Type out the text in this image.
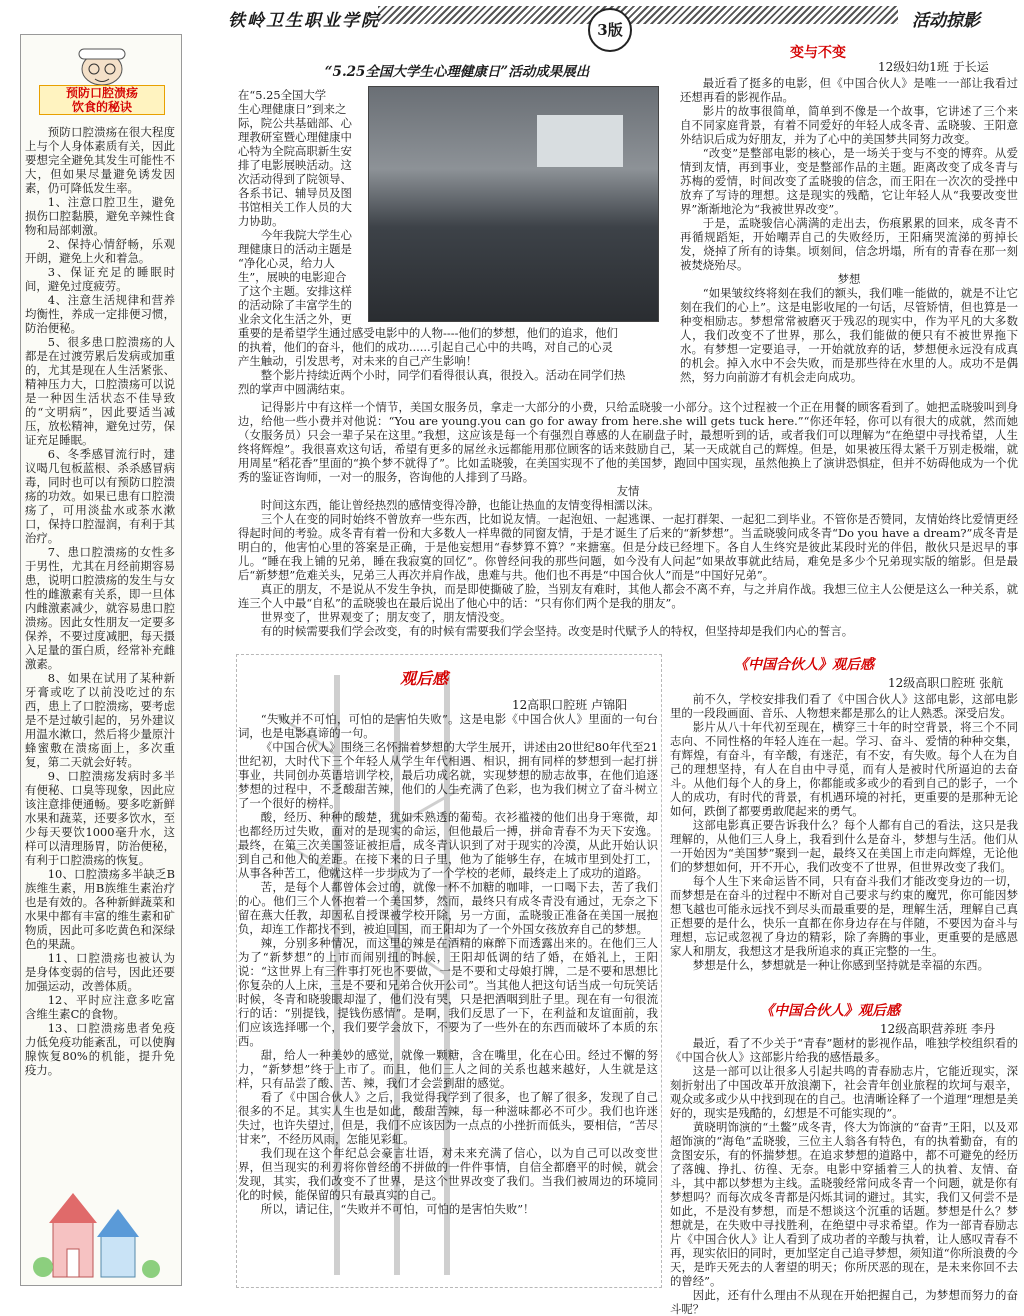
铁岭卫生职业学院	3版	活动掠影
预防口腔溃疡
饮食的秘诀

预防口腔溃疡在很大程度上与个人身体素质有关，因此要想完全避免其发生可能性不大，但如果尽量避免诱发因素，仍可降低发生率。

1、注意口腔卫生，避免损伤口腔黏膜，避免辛辣性食物和局部刺激。

2、保持心情舒畅，乐观开朗，避免上火和着急。

3、保证充足的睡眠时间，避免过度疲劳。

4、注意生活规律和营养均衡性，养成一定排便习惯，防治便秘。

5、很多患口腔溃疡的人都是在过渡劳累后发病或加重的，尤其是现在人生活紧张、精神压力大，口腔溃疡可以说是一种因生活状态不佳导致的“文明病”，因此要适当减压，放松精神，避免过劳，保证充足睡眠。

6、冬季感冒流行时，建议喝几包板蓝根、杀杀感冒病毒，同时也可以有预防口腔溃疡的功效。如果已患有口腔溃疡了，可用淡盐水或茶水漱口，保持口腔湿润，有利于其治疗。

7、患口腔溃疡的女性多于男性，尤其在月经前期容易患，说明口腔溃疡的发生与女性的雌激素有关系，即一旦体内雌激素减少，就容易患口腔溃疡。因此女性朋友一定要多保养，不要过度减肥，每天摄入足量的蛋白质，经常补充雌激素。

8、如果在试用了某种新牙膏或吃了以前没吃过的东西，患上了口腔溃疡，要考虑是不是过敏引起的，另外建议用温水漱口，然后将少量原汁蜂蜜敷在溃疡面上，多次重复，第二天就会好转。

9、口腔溃疡发病时多半有便秘、口臭等现象，因此应该注意排便通畅。要多吃新鲜水果和蔬菜，还要多饮水，至少每天要饮1000毫升水，这样可以清理肠胃，防治便秘，有利于口腔溃疡的恢复。

10、口腔溃疡多半缺乏B族维生素，用B族维生素治疗也是有效的。各种新鲜蔬菜和水果中都有丰富的维生素和矿物质，因此可多吃黄色和深绿色的果蔬。

11、口腔溃疡也被认为是身体变弱的信号，因此还要加强运动，改善体质。

12、平时应注意多吃富含维生素C的食物。

13、口腔溃疡患者免疫力低免疫功能紊乱，可以使胸腺恢复80%的机能，提升免疫力。

“5.25全国大学生心理健康日”活动成果展出
在“5.25全国大学
生心理健康日”到来之
际，院公共基础部、心
理教研室暨心理健康中
心特为全院高职新生安
排了电影展映活动。这
次活动得到了院领导、
各系书记、辅导员及图
书馆相关工作人员的大
力协助。
　　今年我院大学生心
理健康日的活动主题是
“净化心灵，给力人
生”，展映的电影迎合
了这个主题。安排这样
的活动除了丰富学生的
业余文化生活之外，更
重要的是希望学生通过感受电影中的人物----他们的梦想，他们的追求，他们
的执着，他们的奋斗，他们的成功......引起自己心中的共鸣，对自己的心灵
产生触动，引发思考，对未来的自己产生影响！
　　整个影片持续近两个小时，同学们看得很认真，很投入。活动在同学们热
烈的掌声中圆满结束。
变与不变
12级妇幼1班 于长运

最近看了挺多的电影，但《中国合伙人》是唯一一部让我看过还想再看的影视作品。

影片的故事很简单，简单到不像是一个故事，它讲述了三个来自不同家庭背景，有着不同爱好的年轻人成冬青、孟晓骏、王阳意外结识后成为好朋友，并为了心中的美国梦共同努力改变。

“改变”是整部电影的核心，是一场关于变与不变的博弈。从爱情到友情，再到事业，变是整部作品的主题。距离改变了成冬青与苏梅的爱情，时间改变了孟晓骏的信念，而王阳在一次次的受挫中放弃了写诗的理想。这是现实的残酷，它让年轻人从“我要改变世界”渐渐地沦为“我被世界改变”。

于是，孟晓骏信心满满的走出去，伤痕累累的回来，成冬青不再循规蹈矩，开始嘲弄自己的失败经历，王阳痛哭流涕的剪掉长发，烧掉了所有的诗集。顷刻间，信念坍塌，所有的青春在那一刻被焚烧殆尽。

梦想

“如果皱纹终将刻在我们的额头，我们唯一能做的，就是不让它刻在我们的心上”。这是电影收尾的一句话，尽管矫情，但也算是一种变相励志。梦想常常被磨灭于残忍的现实中，作为平凡的大多数人，我们改变不了世界，那么，我们能做的便只有不被世界拖下水。有梦想一定要追寻，一开始就放弃的话，梦想便永远没有成真的机会。掉入水中不会失败，而是那些待在水里的人。成功不是偶然，努力向前游才有机会走向成功。

记得影片中有这样一个情节，美国女服务员，拿走一大部分的小费，只给孟晓骏一小部分。这个过程被一个正在用餐的顾客看到了。她把孟晓骏叫到身边，给他一些小费并对他说：“You are young.you can go for away from here.she will gets tuck here.”“你还年轻，你可以有很大的成就，然而她（女服务员）只会一辈子呆在这里。”我想，这应该是每一个有强烈自尊感的人在刷盘子时，最想听到的话，或者我们可以理解为“在绝望中寻找希望，人生终将辉煌”。我很喜欢这句话，希望有更多的屌丝永远都能用那位顾客的话来鼓励自己，某一天成就自己的辉煌。但是，如果被压得太紧千万别走极端，就用周星“稻花香”里面的“换个梦不就得了”。比如孟晓骏，在美国实现不了他的美国梦，跑回中国实现，虽然他换上了演讲恐惧症，但并不妨碍他成为一个优秀的鉴证咨询师，一对一的服务，咨询他的人排到了马路。

友情

时间这东西，能让曾经热烈的感情变得冷静，也能让热血的友情变得相濡以沫。

三个人在变的同时始终不曾放弃一些东西，比如说友情。一起泡妞、一起逃课、一起打群架、一起犯二到毕业。不管你是否赞同，友情始终比爱情更经得起时间的考验。成冬青有着一份和大多数人一样卑微的同窗友情，于是才诞生了后来的“新梦想”。当孟晓骏问成冬青“Do you have a dream?”成冬青是明白的，他害怕心里的答案是正确，于是他妄想用“春梦算不算？”来搪塞。但是分歧已经埋下。各自人生终究是彼此某段时光的伴侣，散伙只是迟早的事儿。“睡在我上铺的兄弟，睡在我寂寞的回忆”。你曾经问我的那些问题，如今没有人问起”如果故事就此结局，难免是多少个兄弟现实版的缩影。但是最后“新梦想”危难关头，兄弟三人再次并肩作战，患难与共。他们也不再是“中国合伙人”而是“中国好兄弟”。

真正的朋友，不是说从不发生争执，而是即使撕破了脸，当别友有难时，其他人都会不离不弃，与之并肩作战。我想三位主人公便是这么一种关系，就连三个人中最“自私”的孟晓骏也在最后说出了他心中的话：“只有你们两个是我的朋友”。

世界变了，世界观变了；朋友变了，朋友情没变。

有的时候需要我们学会改变，有的时候有需要我们学会坚持。改变是时代赋予人的特权，但坚持却是我们内心的誓言。

观后感
12高职口腔班 卢锦阳

“失败并不可怕，可怕的是害怕失败”。这是电影《中国合伙人》里面的一句台词，也是电影真谛的一句。

《中国合伙人》围绕三名怀揣着梦想的大学生展开，讲述由20世纪80年代至21世纪初，大时代下三个年轻人从学生年代相遇、相识，拥有同样的梦想到一起打拼事业，共同创办英语培训学校，最后功成名就，实现梦想的励志故事，在他们追逐梦想的过程中，不乏酸甜苦辣，他们的人生充满了色彩，也为我们树立了奋斗树立了一个很好的榜样。

酸，经历、种种的酸楚，犹如未熟透的葡萄。衣衫褴褛的他们出身于寒微，却也都经历过失败，面对的是现实的命运，但他最后一搏，拼命青春不为天下安逸。最终，在第三次美国签证被拒后，成冬青认识到了对于现实的冷漠，从此开始认识到自己和他人的差距。在接下来的日子里，他为了能够生存，在城市里到处打工，从事各种苦工，他就这样一步步成为了一个学校的老师，最终走上了成功的道路。

苦，是每个人都曾体会过的，就像一杯不加糖的咖啡，一口喝下去，苦了我们的心。他们三个人怀抱着一个美国梦，然而，最终只有成冬青没有通过，无奈之下留在燕大任教，却因私自授课被学校开除，另一方面，孟晓骏正准备在美国一展抱负，却连工作都找不到，被迫回国，而王阳却为了一个外国女孩放弃自己的梦想。

辣，分别多种情况，而这里的辣是在酒精的麻醉下而透露出来的。在他们三人为了“新梦想”的上市而闹别扭的时候，王阳却低调的结了婚，在婚礼上，王阳说：“这世界上有三件事打死也不要做，一是不要和丈母娘打牌，二是不要和思想比你复杂的人上床，三是不要和兄弟合伙开公司”。当其他人把这句话当成一句玩笑话时候，冬青和晓骏眼却湿了，他们没有哭，只是把酒咽到肚子里。现在有一句很流行的话：“别提钱，提钱伤感情”。是啊，我们反思了一下，在利益和友谊面前，我们应该选择哪一个，我们要学会放下，不要为了一些外在的东西而破坏了本质的东西。

甜，给人一种美妙的感觉，就像一颗糖，含在嘴里，化在心田。经过不懈的努力，“新梦想”终于上市了。而且，他们三人之间的关系也越来越好，人生就是这样，只有品尝了酸、苦、辣，我们才会尝到甜的感觉。

看了《中国合伙人》之后，我觉得我学到了很多，也了解了很多，发现了自己很多的不足。其实人生也是如此，酸甜苦辣，每一种滋味都必不可少。我们也许迷失过，也许失望过，但是，我们不应该因为一点点的小挫折而低头，要相信，“苦尽甘来”，不经历风雨，怎能见彩虹。

我们现在这个年纪总会豪言壮语，对未来充满了信心，以为自己可以改变世界，但当现实的利刃将你曾经的不拼做的一件件事情，自信全都磨平的时候，就会发现，其实，我们改变不了世界，是这个世界改变了我们。当我们被周边的环境同化的时候，能保留的只有最真实的自己。

所以，请记住，“失败并不可怕，可怕的是害怕失败”！

《中国合伙人》观后感
12级高职口腔班 张航

前不久，学校安排我们看了《中国合伙人》这部电影，这部电影里的一段段画面、音乐、人物想来都是那么的让人熟悉。深受启发。

影片从八十年代初至现在，横穿三十年的时空背景，将三个不同志向、不同性格的年轻人连在一起。学习、奋斗、爱情的种种交集，有辉煌，有奋斗，有辛酸，有迷茫，有不安，有失败。每个人在为自己的理想坚持，有人在自由中寻觅，而有人是被时代所逼迫的去奋斗。从他们每个人的身上，你都能或多或少的看到自己的影子，一个人的成功，有时代的背景，有机遇环境的衬托，更重要的是那种无论如何，跌倒了都要勇敢爬起来的勇气。

这部电影真正要告诉我什么？每个人都有自己的看法，这只是我理解的，从他们三人身上，我看到什么是奋斗，梦想与生活。他们从一开始因为“美国梦”聚到一起，最终又在美国上市走向辉煌，无论他们的梦想如何，开不开心，我们改变不了世界，但世界改变了我们。

每个人生下来命运皆不同，只有奋斗我们才能改变身边的一切，而梦想是在奋斗的过程中不断对自己要求与约束的魔咒，你可能因梦想飞越也可能永远找不到尽头而最重要的是，理解生活，理解自己真正想要的是什么，快乐一直都在你身边存在与伴随，不要因为奋斗与理想，忘记或忽视了身边的精彩，除了奔腾的事业，更重要的是感恩家人和朋友，我想这才是我所追求的真正完整的一生。

梦想是什么，梦想就是一种让你感到坚持就是幸福的东西。

《中国合伙人》观后感
12级高职营养班 李丹

最近，看了不少关于“青春”题材的影视作品，唯独学校组织看的《中国合伙人》这部影片给我的感悟最多。

这是一部可以让很多人引起共鸣的青春励志片，它能近现实，深刻折射出了中国改革开放浪潮下，社会青年创业旅程的坎坷与艰辛，观众或多或少从中找到现在的自己。也清晰诠释了一个道理“理想是美好的，现实是残酷的，幻想是不可能实现的”。

黄晓明饰演的“土鳖”成冬青，佟大为饰演的“奋青”王阳，以及邓超饰演的“海龟”孟晓骏，三位主人翁各有特色，有的执着勤奋，有的贪图安乐，有的怀揣梦想。在追求梦想的道路中，都不可避免的经历了落魄、挣扎、彷徨、无奈。电影中穿插着三人的执着、友情、奋斗，其中都以梦想为主线。孟晓骏经常问成冬青一个问题，就是你有梦想吗？而每次成冬青都是闪烁其词的避过。其实，我们又何尝不是如此，不是没有梦想，而是不想谈这个沉重的话题。梦想是什么？梦想就是，在失败中寻找胜利，在绝望中寻求希望。作为一部青春励志片《中国合伙人》让人看到了成功者的辛酸与执着，让人感叹青春不再，现实依旧的同时，更加坚定自己追寻梦想，须知道“你所浪费的今天，是昨天死去的人奢望的明天；你所厌恶的现在，是未来你回不去的曾经”。

因此，还有什么理由不从现在开始把握自己，为梦想而努力的奋斗呢？
